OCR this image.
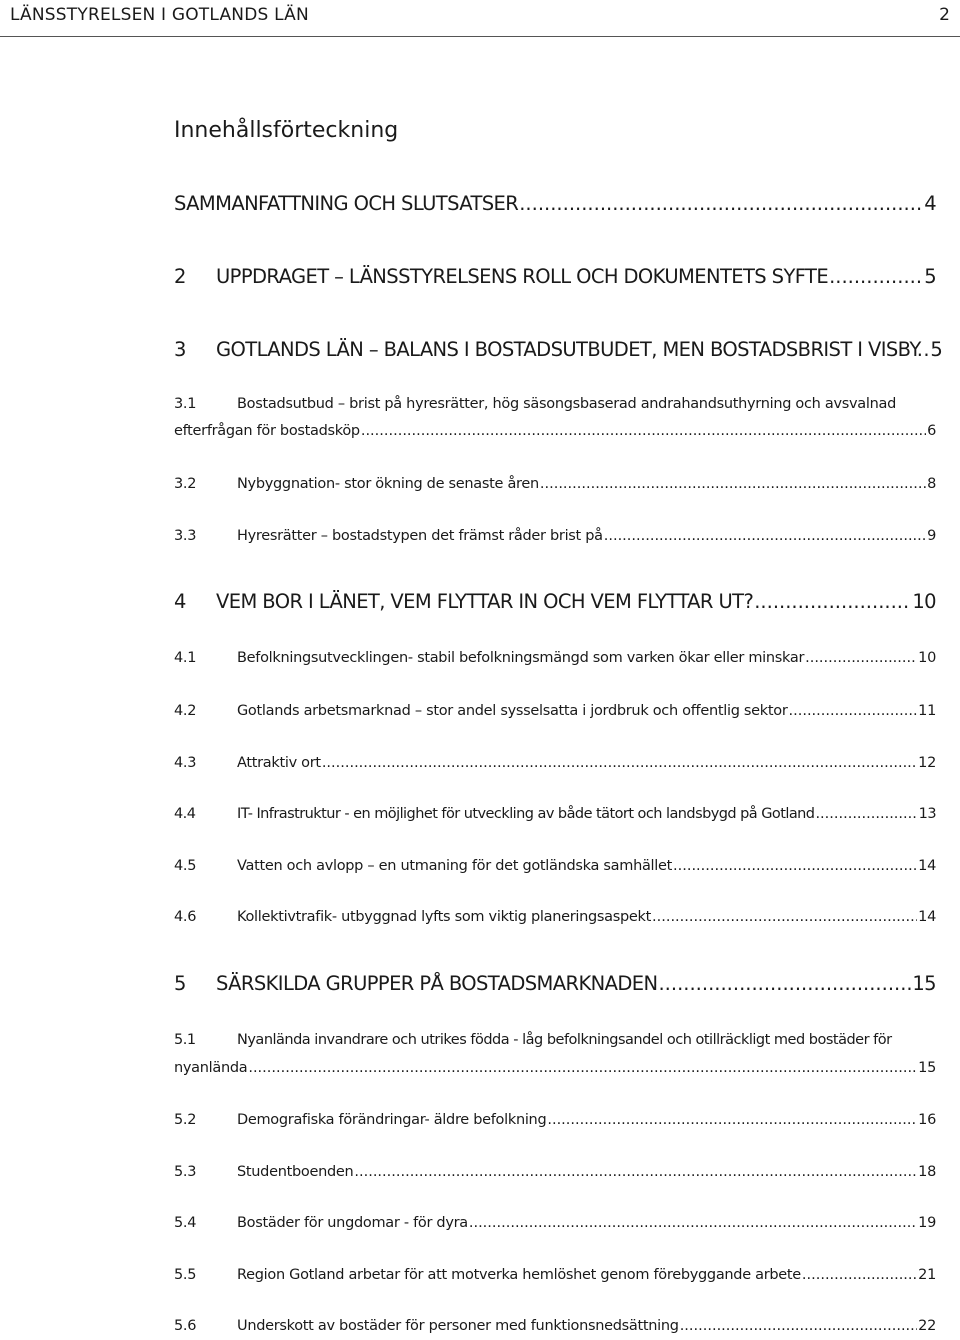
LÄNSSTYRELSEN I GOTLANDS LÄN	2
Innehållsförteckning
SAMMANFATTNING OCH SLUTSATSER .....	4
2	UPPDRAGET – LÄNSSTYRELSENS ROLL OCH DOKUMENTETS SYFTE .....	5
3	GOTLANDS LÄN – BALANS I BOSTADSUTBUDET, MEN BOSTADSBRIST I VISBY. ..... 5
3.1	Bostadsutbud – brist på hyresrätter, hög säsongsbaserad andrahandsuthyrning och avsvalnad
efterfrågan för bostadsköp .....	6
3.2	Nybyggnation- stor ökning de senaste åren .....	8
3.3	Hyresrätter – bostadstypen det främst råder brist på .....	9
4	VEM BOR I LÄNET, VEM FLYTTAR IN OCH VEM FLYTTAR UT? .....	10
4.1	Befolkningsutvecklingen- stabil befolkningsmängd som varken ökar eller minskar .....	10
4.2	Gotlands arbetsmarknad – stor andel sysselsatta i jordbruk och offentlig sektor .....	11
4.3	Attraktiv ort .....	12
4.4	IT- Infrastruktur - en möjlighet för utveckling av både tätort och landsbygd på Gotland .....	13
4.5	Vatten och avlopp – en utmaning för det gotländska samhället .....	14
4.6	Kollektivtrafik- utbyggnad lyfts som viktig planeringsaspekt .....	14
5	SÄRSKILDA GRUPPER PÅ BOSTADSMARKNADEN .....	15
5.1	Nyanlända invandrare och utrikes födda - låg befolkningsandel och otillräckligt med bostäder för
nyanlända .....	15
5.2	Demografiska förändringar- äldre befolkning .....	16
5.3	Studentboenden .....	18
5.4	Bostäder för ungdomar - för dyra .....	19
5.5	Region Gotland arbetar för att motverka hemlöshet genom förebyggande arbete .....	21
5.6	Underskott av bostäder för personer med funktionsnedsättning .....	22
